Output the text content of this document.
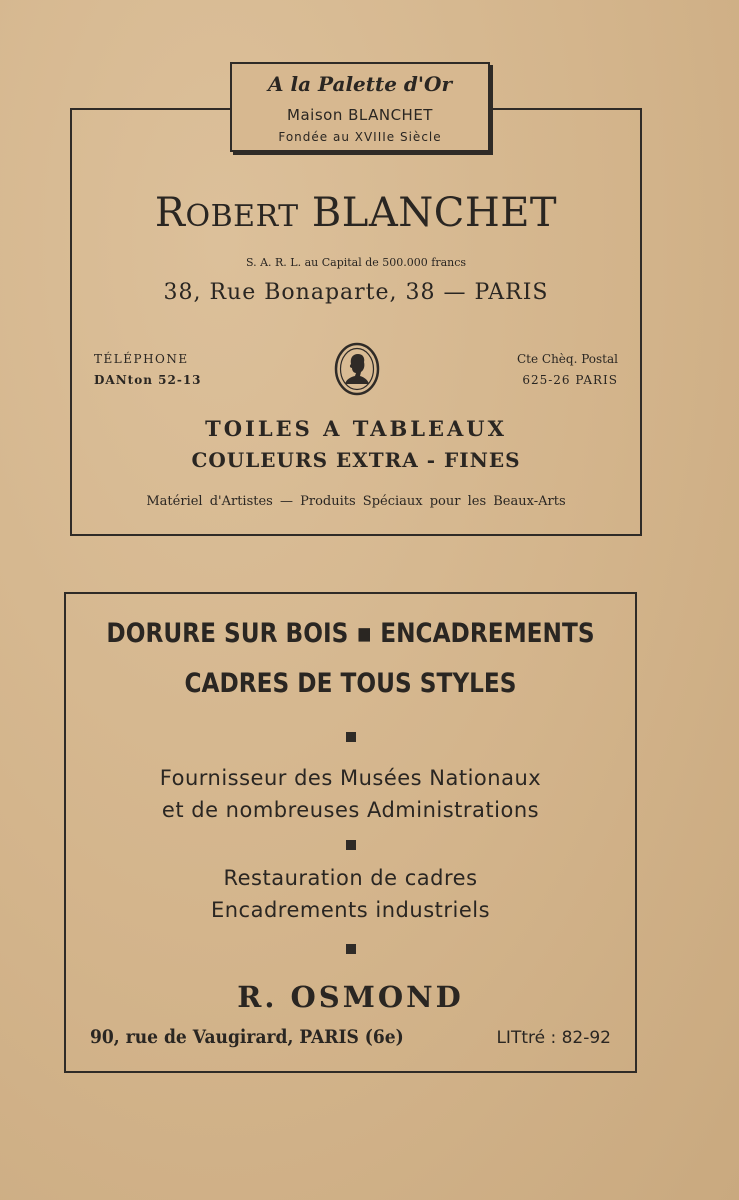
ROBERT BLANCHET
S. A. R. L. au Capital de 500.000 francs
38, Rue Bonaparte, 38 — PARIS
TÉLÉPHONE
DANton 52-13
Cte Chèq. Postal
625-26 PARIS
TOILES A TABLEAUX
COULEURS EXTRA - FINES
Matériel d'Artistes — Produits Spéciaux pour les Beaux-Arts
A la Palette d'Or
Maison BLANCHET
Fondée au XVIIIe Siècle
DORURE SUR BOIS ▪ ENCADREMENTS
CADRES DE TOUS STYLES
Fournisseur des Musées Nationaux
et de nombreuses Administrations
Restauration de cadres
Encadrements industriels
R. OSMOND
90, rue de Vaugirard, PARIS (6e)	LITtré : 82-92
